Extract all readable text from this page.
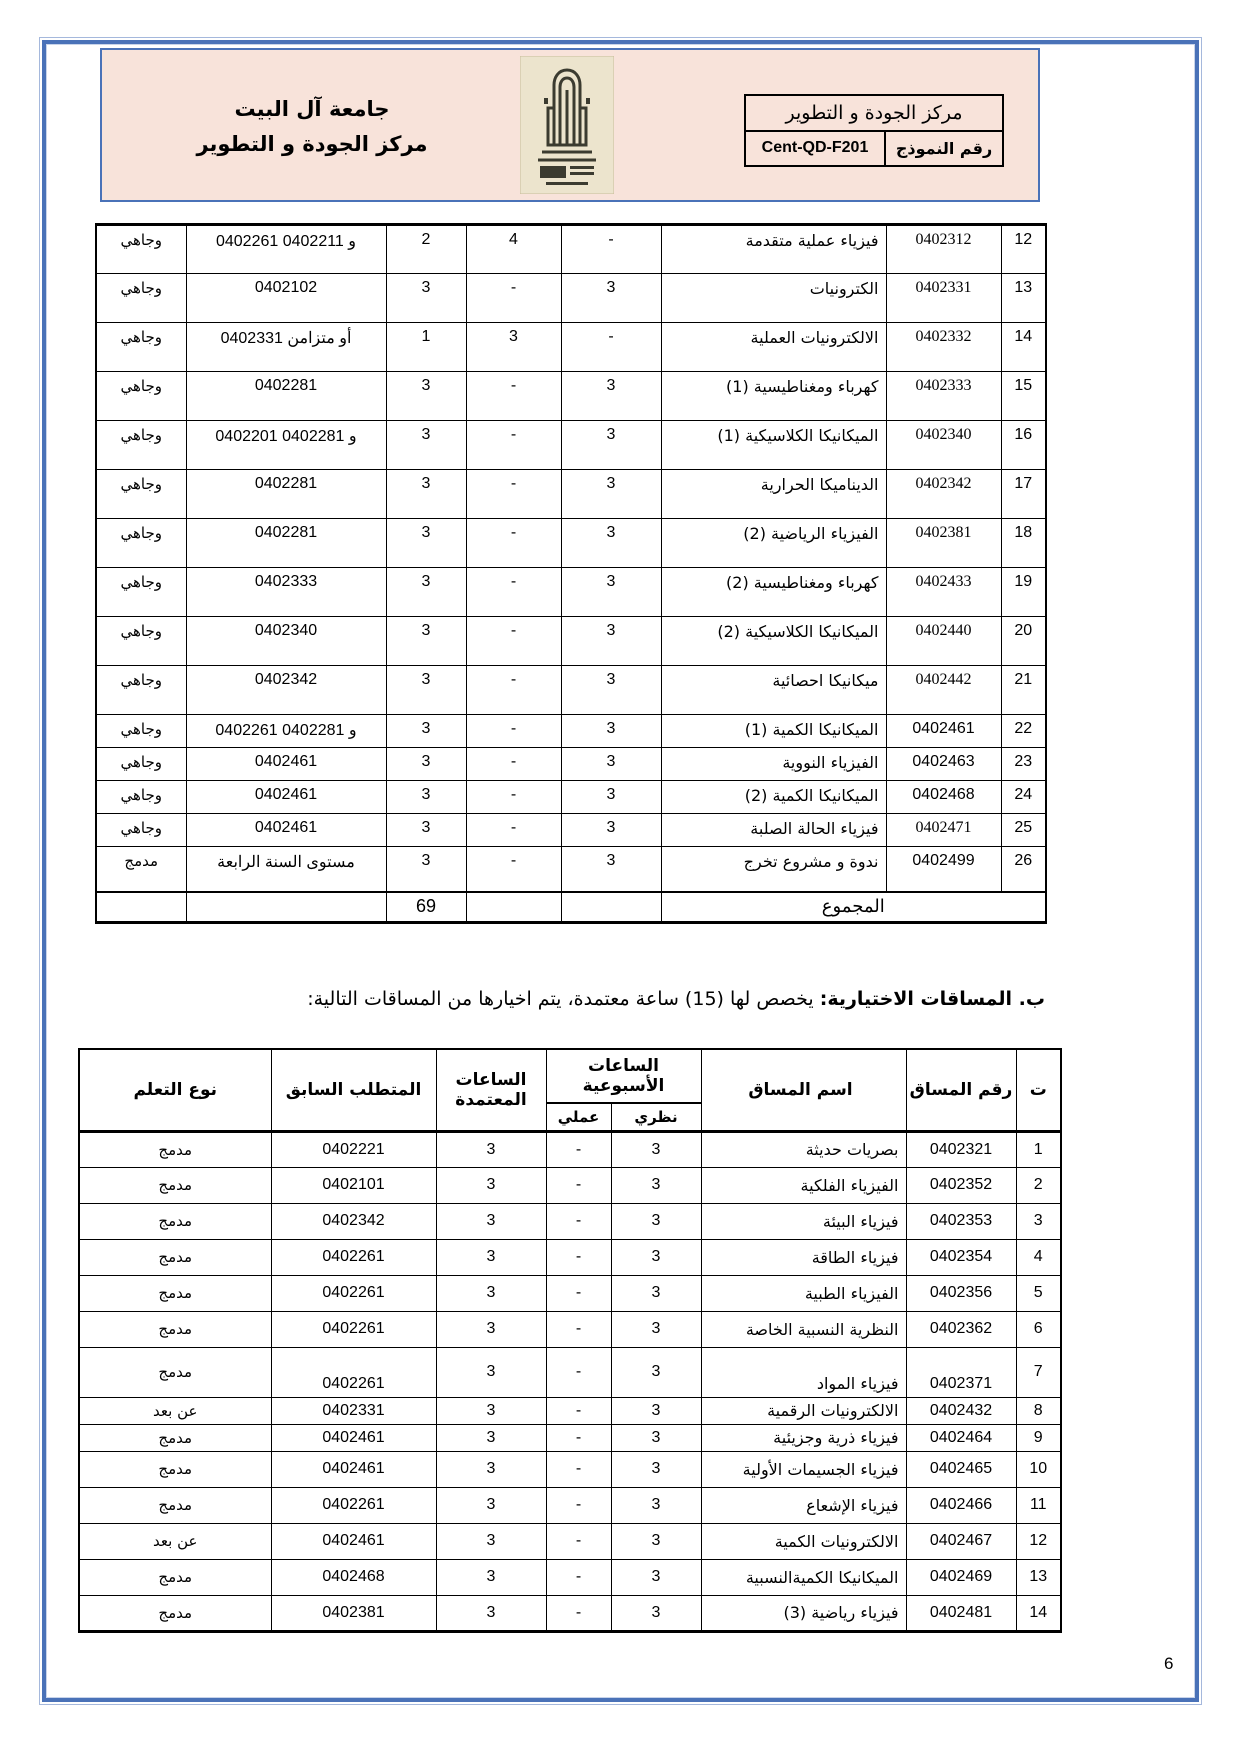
جامعة آل البيت
مركز الجودة و التطوير
مركز الجودة و التطوير
رقم النموذج
Cent-QD-F201
12	0402312	فيزياء عملية متقدمة	-	4	2	0402261 و 0402211	وجاهي
13	0402331	الكترونيات	3	-	3	0402102	وجاهي
14	0402332	الالكترونيات العملية	-	3	1	0402331 أو متزامن	وجاهي
15	0402333	كهرباء ومغناطيسية (1)	3	-	3	0402281	وجاهي
16	0402340	الميكانيكا الكلاسيكية (1)	3	-	3	0402201 و 0402281	وجاهي
17	0402342	الديناميكا الحرارية	3	-	3	0402281	وجاهي
18	0402381	الفيزياء الرياضية (2)	3	-	3	0402281	وجاهي
19	0402433	كهرباء ومغناطيسية (2)	3	-	3	0402333	وجاهي
20	0402440	الميكانيكا الكلاسيكية (2)	3	-	3	0402340	وجاهي
21	0402442	ميكانيكا احصائية	3	-	3	0402342	وجاهي
22	0402461	الميكانيكا الكمية (1)	3	-	3	0402261 و 0402281	وجاهي
23	0402463	الفيزياء النووية	3	-	3	0402461	وجاهي
24	0402468	الميكانيكا الكمية (2)	3	-	3	0402461	وجاهي
25	0402471	فيزياء الحالة الصلبة	3	-	3	0402461	وجاهي
26	0402499	ندوة و مشروع تخرج	3	-	3	مستوى السنة الرابعة	مدمج
المجموع					69		
ب. المساقات الاختيارية: يخصص لها (15) ساعة معتمدة، يتم اخيارها من المساقات التالية:
ت	رقم المساق	اسم المساق	الساعات الأسبوعية		الساعات المعتمدة	المتطلب السابق	نوع التعلم
			نظري	عملي			
1	0402321	بصريات حديثة	3	-	3	0402221	مدمج
2	0402352	الفيزياء الفلكية	3	-	3	0402101	مدمج
3	0402353	فيزياء البيئة	3	-	3	0402342	مدمج
4	0402354	فيزياء الطاقة	3	-	3	0402261	مدمج
5	0402356	الفيزياء الطبية	3	-	3	0402261	مدمج
6	0402362	النظرية النسبية الخاصة	3	-	3	0402261	مدمج
7	0402371	فيزياء المواد	3	-	3	0402261	مدمج
8	0402432	الالكترونيات الرقمية	3	-	3	0402331	عن بعد
9	0402464	فيزياء ذرية وجزيئية	3	-	3	0402461	مدمج
10	0402465	فيزياء الجسيمات الأولية	3	-	3	0402461	مدمج
11	0402466	فيزياء الإشعاع	3	-	3	0402261	مدمج
12	0402467	الالكترونيات الكمية	3	-	3	0402461	عن بعد
13	0402469	الميكانيكا الكميةالنسبية	3	-	3	0402468	مدمج
14	0402481	فيزياء رياضية (3)	3	-	3	0402381	مدمج
6
